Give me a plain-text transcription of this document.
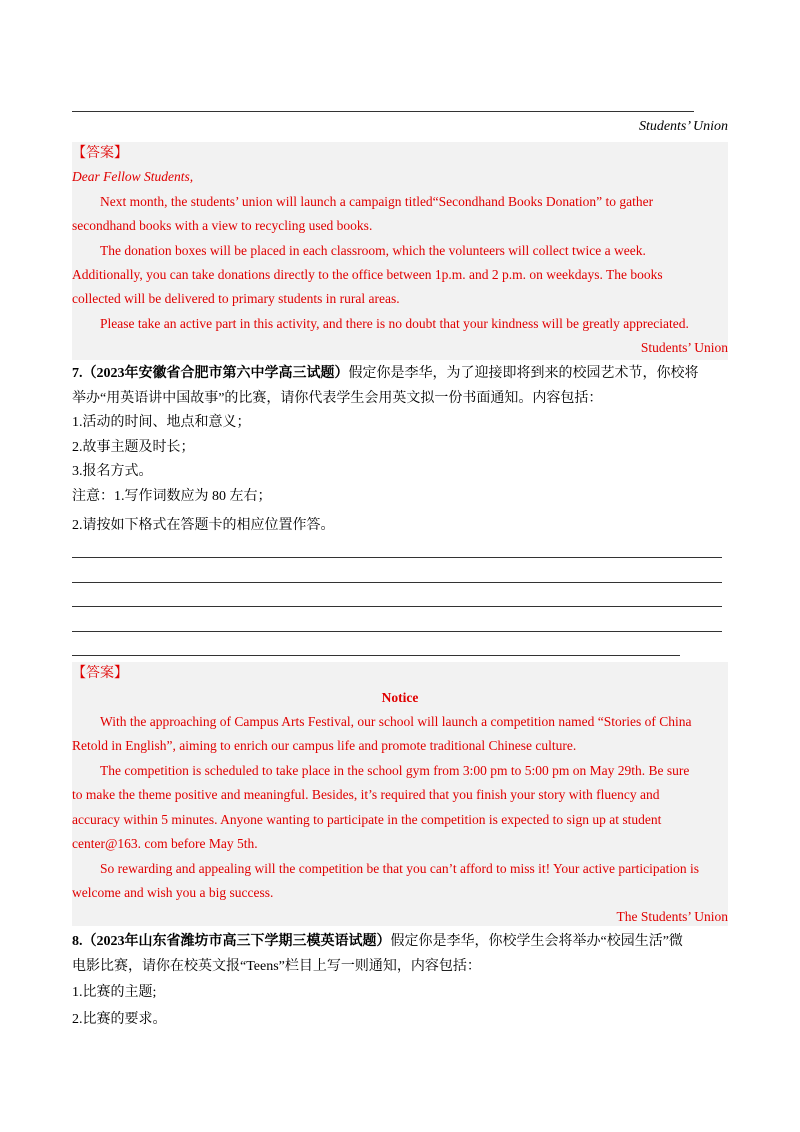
Students’ Union
【答案】
Dear Fellow Students,
Next month, the students’ union will launch a campaign titled“Secondhand Books Donation” to gather
secondhand books with a view to recycling used books.
The donation boxes will be placed in each classroom, which the volunteers will collect twice a week.
Additionally, you can take donations directly to the office between 1p.m. and 2 p.m. on weekdays. The books
collected will be delivered to primary students in rural areas.
Please take an active part in this activity, and there is no doubt that your kindness will be greatly appreciated.
Students’ Union
7.（2023年安徽省合肥市第六中学高三试题）假定你是李华，为了迎接即将到来的校园艺术节，你校将
举办“用英语讲中国故事”的比赛，请你代表学生会用英文拟一份书面通知。内容包括：
1.活动的时间、地点和意义；
2.故事主题及时长；
3.报名方式。
注意：1.写作词数应为 80 左右；
2.请按如下格式在答题卡的相应位置作答。
【答案】
Notice
With the approaching of Campus Arts Festival, our school will launch a competition named “Stories of China
Retold in English”, aiming to enrich our campus life and promote traditional Chinese culture.
The competition is scheduled to take place in the school gym from 3:00 pm to 5:00 pm on May 29th. Be sure
to make the theme positive and meaningful. Besides, it’s required that you finish your story with fluency and
accuracy within 5 minutes. Anyone wanting to participate in the competition is expected to sign up at student
center@163. com before May 5th.
So rewarding and appealing will the competition be that you can’t afford to miss it! Your active participation is
welcome and wish you a big success.
The Students’ Union
8.（2023年山东省潍坊市高三下学期三模英语试题）假定你是李华，你校学生会将举办“校园生活”微
电影比赛，请你在校英文报“Teens”栏目上写一则通知，内容包括：
1.比赛的主题;
2.比赛的要求。
